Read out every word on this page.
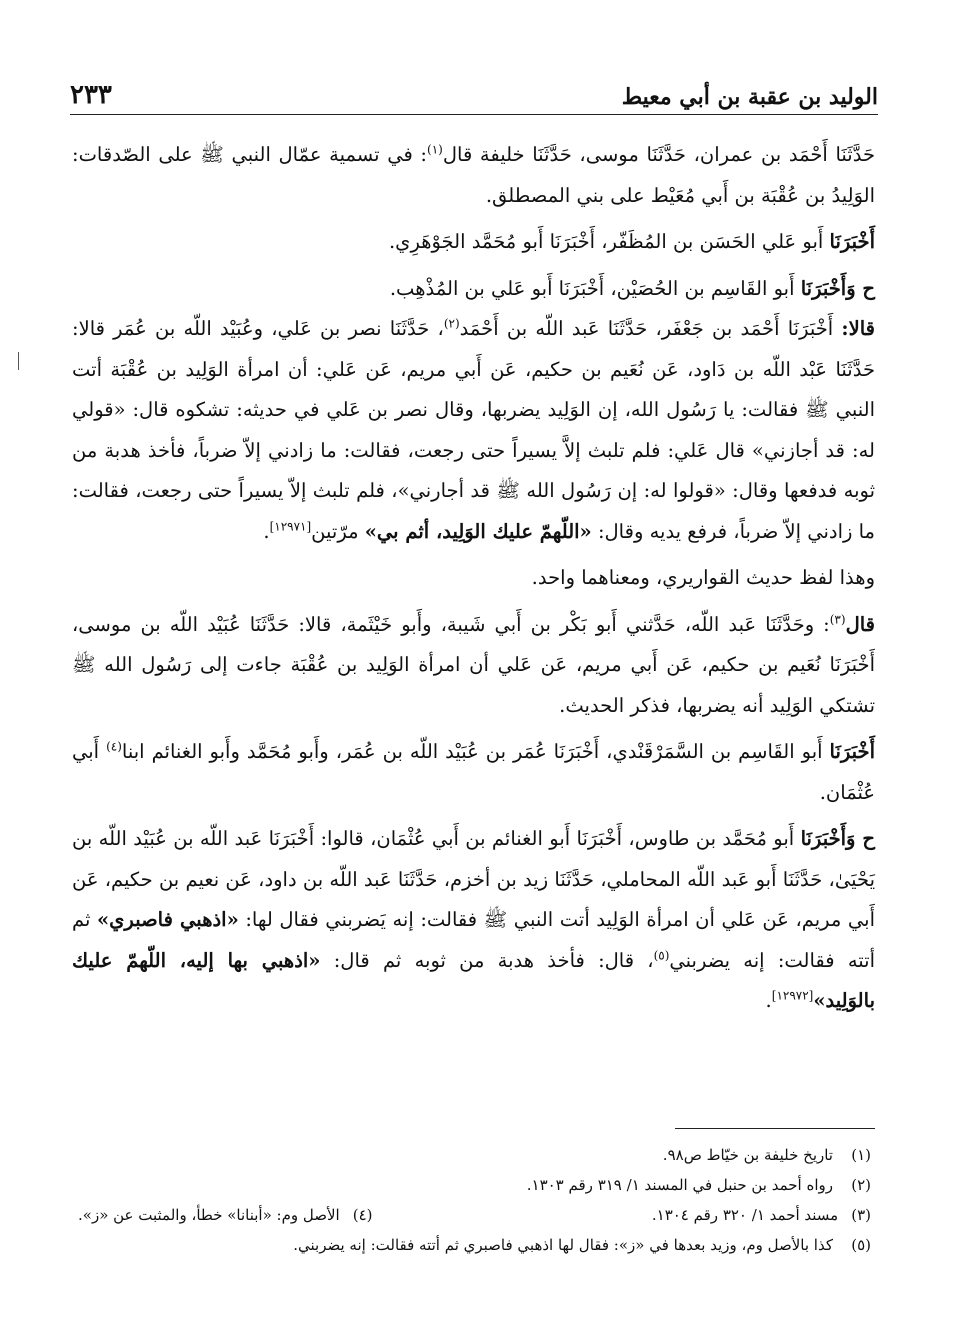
الوليد بن عقبة بن أبي معيط
٢٣٣

حَدَّثَنَا أَحْمَد بن عمران، حَدَّثَنَا موسى، حَدَّثَنَا خليفة قال$^{(١)}$: في تسمية عمّال النبي ﷺ على الصّدقات: الوَلِيدُ بن عُقْبَة بن أَبي مُعَيْط على بني المصطلق.

أَخْبَرَنَا أَبو عَلي الحَسَن بن المُظَفّر، أَخْبَرَنَا أَبو مُحَمَّد الجَوْهَرِي.

ح وَأَخْبَرَنَا أَبو القَاسِم بن الحُصَيْن، أَخْبَرَنَا أَبو عَلي بن المُذْهِب.

قالا: أَخْبَرَنَا أَحْمَد بن جَعْفَر، حَدَّثَنَا عَبد اللّه بن أَحْمَد$^{(٢)}$، حَدَّثَنَا نصر بن عَلي، وعُبَيْد اللّه بن عُمَر قالا: حَدَّثَنَا عَبْد اللّه بن دَاود، عَن نُعَيم بن حكيم، عَن أَبي مريم، عَن عَلي: أن امرأة الوَلِيد بن عُقْبَة أتت النبي ﷺ فقالت: يا رَسُول الله، إن الوَلِيد يضربها، وقال نصر بن عَلي في حديثه: تشكوه قال: «قولي له: قد أجازني» قال عَلي: فلم تلبث إلاَّ يسيراً حتى رجعت، فقالت: ما زادني إلاّ ضرباً، فأخذ هدبة من ثوبه فدفعها وقال: «قولوا له: إن رَسُول الله ﷺ قد أجارني»، فلم تلبث إلاّ يسيراً حتى رجعت، فقالت: ما زادني إلاّ ضرباً، فرفع يديه وقال: «اللّهمّ عليك الوَلِيد، أثم بي» مرّتين[١٢٩٧١].

وهذا لفظ حديث القواريري، ومعناهما واحد.

قال$^{(٣)}$: وحَدَّثَنَا عَبد اللّه، حَدَّثني أَبو بَكْر بن أَبي شَيبة، وأَبو خَيْثَمة، قالا: حَدَّثَنَا عُبَيْد اللّه بن موسى، أَخْبَرَنَا نُعَيم بن حكيم، عَن أَبي مريم، عَن عَلي أن امرأة الوَلِيد بن عُقْبَة جاءت إلى رَسُول الله ﷺ تشتكي الوَلِيد أنه يضربها، فذكر الحديث.

أَخْبَرَنَا أَبو القَاسِم بن السَّمَرْقَنْدي، أَخْبَرَنَا عُمَر بن عُبَيْد اللّه بن عُمَر، وأَبو مُحَمَّد وأَبو الغنائم ابنا$^{(٤)}$ أَبي عُثْمَان.

ح وَأَخْبَرَنَا أَبو مُحَمَّد بن طاوس، أَخْبَرَنَا أَبو الغنائم بن أَبي عُثْمَان، قالوا: أَخْبَرَنَا عَبد اللّه بن عُبَيْد اللّه بن يَحْيَىٰ، حَدَّثَنَا أَبو عَبد اللّه المحاملي، حَدَّثَنَا زيد بن أخزم، حَدَّثَنَا عَبد اللّه بن داود، عَن نعيم بن حكيم، عَن أَبي مريم، عَن عَلي أن امرأة الوَلِيد أتت النبي ﷺ فقالت: إنه يَضربني فقال لها: «اذهبي فاصبري» ثم أتته فقالت: إنه يضربني$^{(٥)}$، قال: فأخذ هدبة من ثوبه ثم قال: «اذهبي بها إليه، اللّهمّ عليك بالوَلِيد»[١٢٩٧٢].

(١)
تاريخ خليفة بن خيّاط ص٩٨.
(٢)
رواه أحمد بن حنبل في المسند ١/ ٣١٩ رقم ١٣٠٣.
(٣) مسند أحمد ١/ ٣٢٠ رقم ١٣٠٤.
(٤) الأصل وم: «أبنانا» خطأ، والمثبت عن «ز».
(٥)
كذا بالأصل وم، وزيد بعدها في «ز»: فقال لها اذهبي فاصبري ثم أتته فقالت: إنه يضربني.
